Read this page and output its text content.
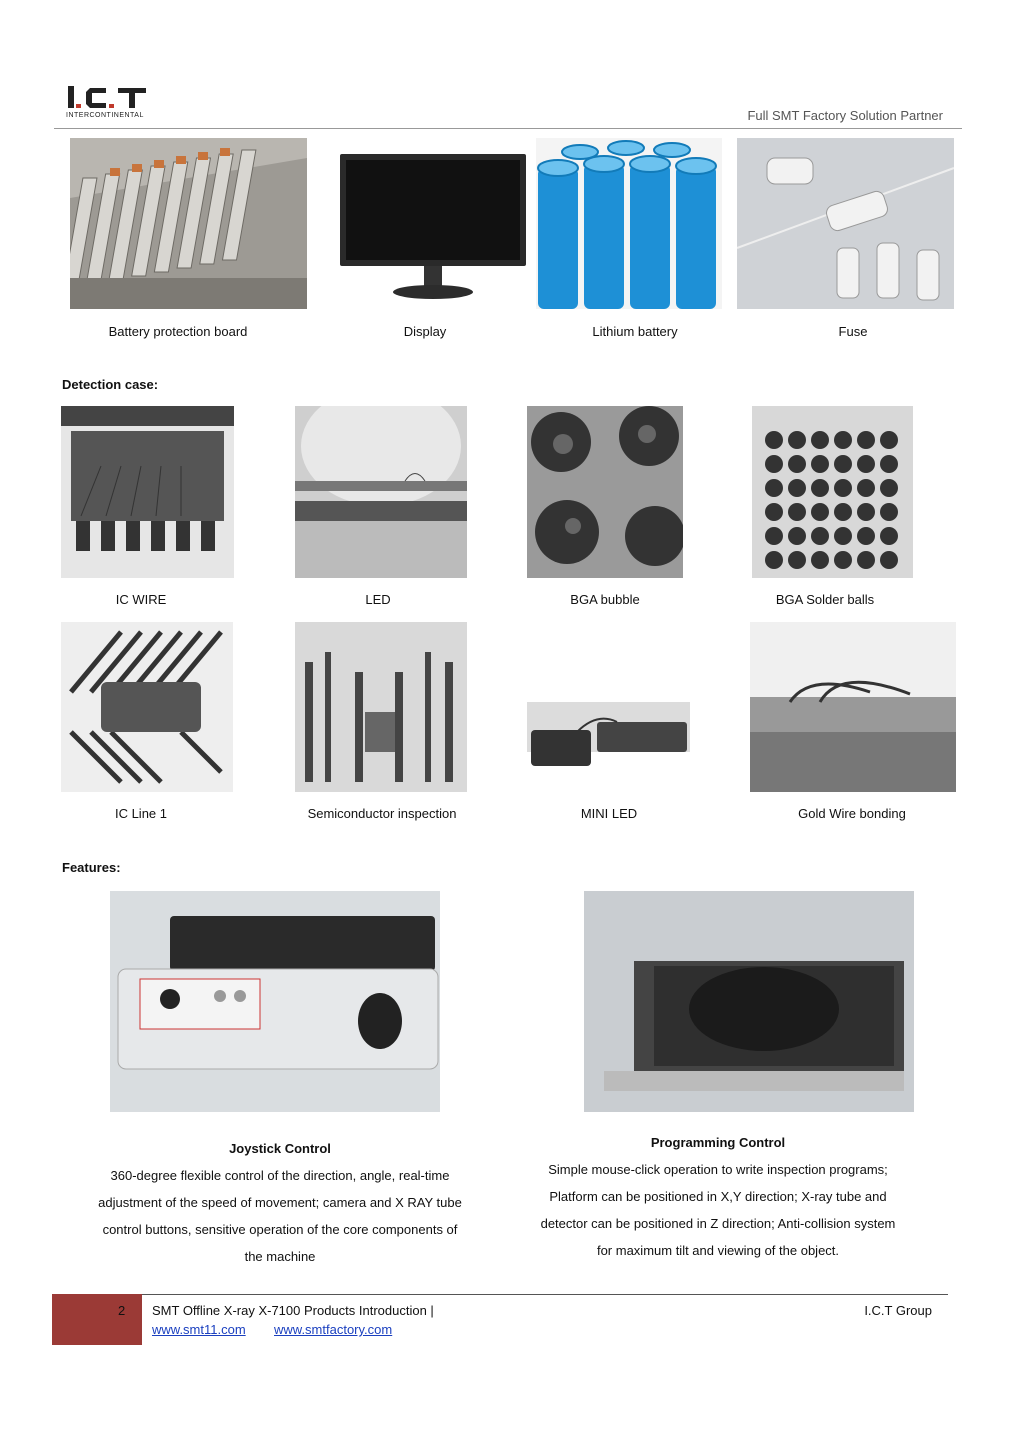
INTERCONTINENTAL	Full SMT Factory Solution Partner
Battery protection board	Display	Lithium battery	Fuse
Detection case:
IC WIRE	LED	BGA bubble	BGA Solder balls
IC Line 1	Semiconductor inspection	MINI LED	Gold Wire bonding
Features:
Joystick Control
360-degree flexible control of the direction, angle, real-time
adjustment of the speed of movement; camera and X RAY tube
control buttons, sensitive operation of the core components of
the machine
Programming Control
Simple mouse-click operation to write inspection programs;
Platform can be positioned in X,Y direction; X-ray tube and
detector can be positioned in Z direction; Anti-collision system
for maximum tilt and viewing of the object.
2 SMT Offline X-ray X-7100 Products Introduction |	I.C.T Group
www.smt11.com www.smtfactory.com
